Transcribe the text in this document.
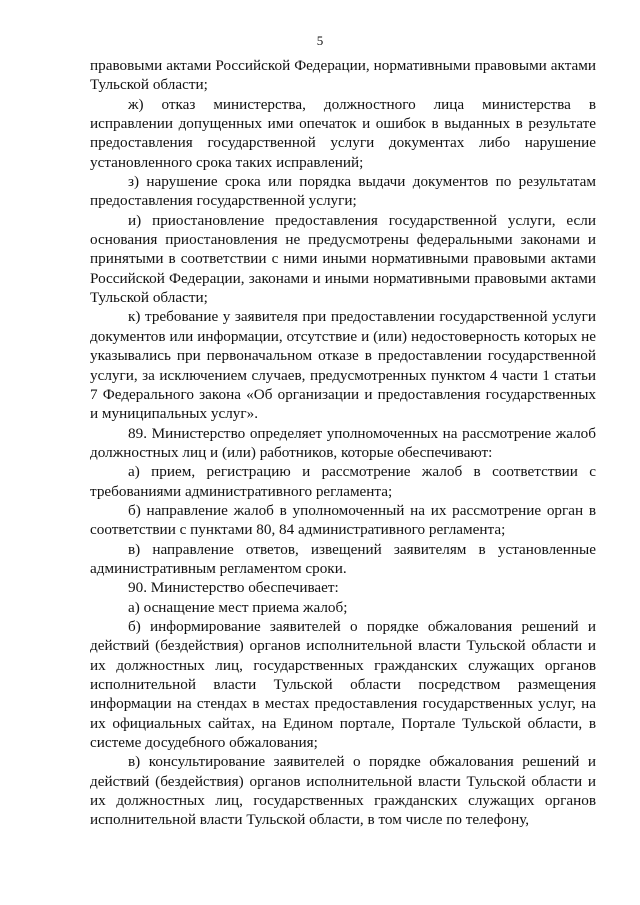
5

правовыми актами Российской Федерации, нормативными правовыми актами Тульской области;

ж) отказ министерства, должностного лица министерства в исправлении допущенных ими опечаток и ошибок в выданных в результате предоставления государственной услуги документах либо нарушение установленного срока таких исправлений;

з) нарушение срока или порядка выдачи документов по результатам предоставления государственной услуги;

и) приостановление предоставления государственной услуги, если основания приостановления не предусмотрены федеральными законами и принятыми в соответствии с ними иными нормативными правовыми актами Российской Федерации, законами и иными нормативными правовыми актами Тульской области;

к) требование у заявителя при предоставлении государственной услуги документов или информации, отсутствие и (или) недостоверность которых не указывались при первоначальном отказе в предоставлении государственной услуги, за исключением случаев, предусмотренных пунктом 4 части 1 статьи 7 Федерального закона «Об организации и предоставления государственных и муниципальных услуг».

89. Министерство определяет уполномоченных на рассмотрение жалоб должностных лиц и (или) работников, которые обеспечивают:

а) прием, регистрацию и рассмотрение жалоб в соответствии с требованиями административного регламента;

б) направление жалоб в уполномоченный на их рассмотрение орган в соответствии с пунктами 80, 84 административного регламента;

в) направление ответов, извещений заявителям в установленные административным регламентом сроки.

90. Министерство обеспечивает:

а) оснащение мест приема жалоб;

б) информирование заявителей о порядке обжалования решений и действий (бездействия) органов исполнительной власти Тульской области и их должностных лиц, государственных гражданских служащих органов исполнительной власти Тульской области посредством размещения информации на стендах в местах предоставления государственных услуг, на их официальных сайтах, на Едином портале, Портале Тульской области, в системе досудебного обжалования;

в) консультирование заявителей о порядке обжалования решений и действий (бездействия) органов исполнительной власти Тульской области и их должностных лиц, государственных гражданских служащих органов исполнительной власти Тульской области, в том числе по телефону,
